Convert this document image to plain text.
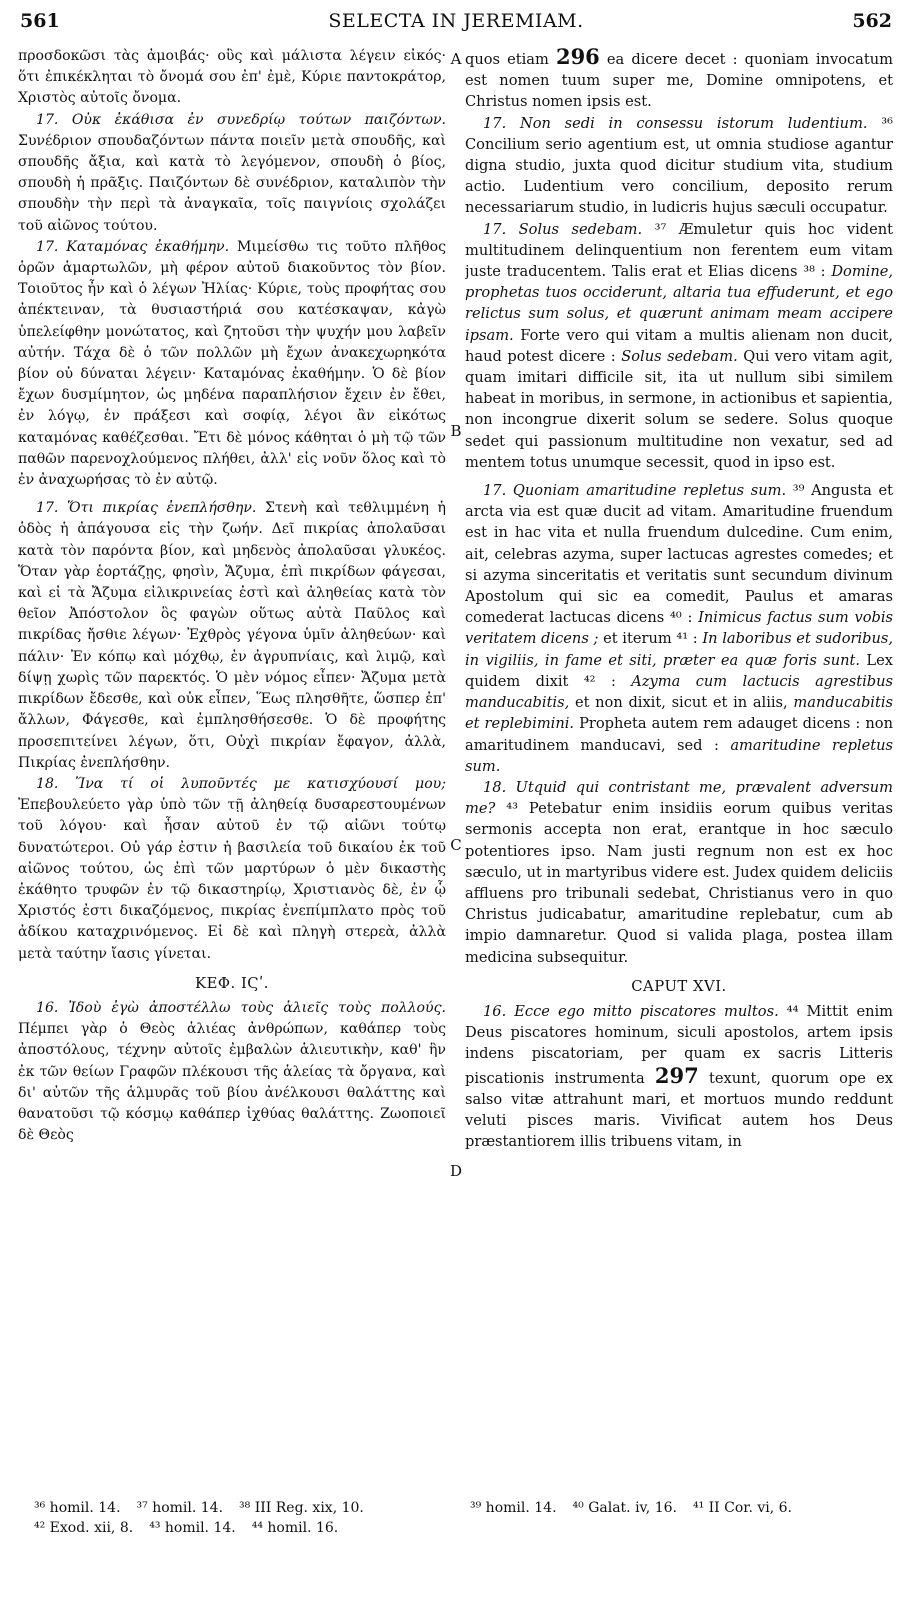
561	SELECTA IN JEREMIAM.	562

προσδοκῶσι τὰς ἀμοιβάς· οὓς καὶ μάλιστα λέγειν εἰκός· ὅτι ἐπικέκληται τὸ ὄνομά σου ἐπ' ἐμὲ, Κύριε παντοκράτορ, Χριστὸς αὐτοῖς ὄνομα.

17. Οὐκ ἐκάθισα ἐν συνεδρίῳ τούτων παιζόντων. Συνέδριον σπουδαζόντων πάντα ποιεῖν μετὰ σπουδῆς, καὶ σπουδῆς ἄξια, καὶ κατὰ τὸ λεγόμενον, σπουδὴ ὁ βίος, σπουδὴ ἡ πρᾶξις. Παιζόντων δὲ συνέδριον, καταλιπὸν τὴν σπουδὴν τὴν περὶ τὰ ἀναγκαῖα, τοῖς παιγνίοις σχολάζει τοῦ αἰῶνος τούτου.

17. Καταμόνας ἐκαθήμην. Μιμείσθω τις τοῦτο πλῆθος ὁρῶν ἁμαρτωλῶν, μὴ φέρον αὐτοῦ διακοῦντος τὸν βίον. Τοιοῦτος ἦν καὶ ὁ λέγων Ἠλίας· Κύριε, τοὺς προφήτας σου ἀπέκτειναν, τὰ θυσιαστήριά σου κατέσκαψαν, κἀγὼ ὑπελείφθην μονώτατος, καὶ ζητοῦσι τὴν ψυχήν μου λαβεῖν αὐτήν. Τάχα δὲ ὁ τῶν πολλῶν μὴ ἔχων ἀνακεχωρηκότα βίον οὐ δύναται λέγειν· Καταμόνας ἐκαθήμην. Ὁ δὲ βίον ἔχων δυσμίμητον, ὡς μηδένα παραπλήσιον ἔχειν ἐν ἔθει, ἐν λόγῳ, ἐν πράξεσι καὶ σοφίᾳ, λέγοι ἂν εἰκότως καταμόνας καθέζεσθαι. Ἔτι δὲ μόνος κάθηται ὁ μὴ τῷ τῶν παθῶν παρενοχλούμενος πλήθει, ἀλλ' εἰς νοῦν ὅλος καὶ τὸ ἐν ἀναχωρήσας τὸ ἐν αὐτῷ.

17. Ὅτι πικρίας ἐνεπλήσθην. Στενὴ καὶ τεθλιμμένη ἡ ὁδὸς ἡ ἀπάγουσα εἰς τὴν ζωήν. Δεῖ πικρίας ἀπολαῦσαι κατὰ τὸν παρόντα βίον, καὶ μηδενὸς ἀπολαῦσαι γλυκέος. Ὅταν γὰρ ἑορτάζῃς, φησὶν, Ἄζυμα, ἐπὶ πικρίδων φάγεσαι, καὶ εἰ τὰ Ἄζυμα εἰλικρινείας ἐστὶ καὶ ἀληθείας κατὰ τὸν θεῖον Ἀπόστολον ὃς φαγὼν οὕτως αὐτὰ Παῦλος καὶ πικρίδας ἤσθιε λέγων· Ἐχθρὸς γέγονα ὑμῖν ἀληθεύων· καὶ πάλιν· Ἐν κόπῳ καὶ μόχθῳ, ἐν ἀγρυπνίαις, καὶ λιμῷ, καὶ δίψῃ χωρὶς τῶν παρεκτός. Ὁ μὲν νόμος εἶπεν· Ἄζυμα μετὰ πικρίδων ἔδεσθε, καὶ οὐκ εἶπεν, Ἕως πλησθῆτε, ὥσπερ ἐπ' ἄλλων, Φάγεσθε, καὶ ἐμπλησθήσεσθε. Ὁ δὲ προφήτης προσεπιτείνει λέγων, ὅτι, Οὐχὶ πικρίαν ἔφαγον, ἀλλὰ, Πικρίας ἐνεπλήσθην.

18. Ἵνα τί οἱ λυποῦντές με κατισχύουσί μου; Ἐπεβουλεύετο γὰρ ὑπὸ τῶν τῇ ἀληθείᾳ δυσαρεστουμένων τοῦ λόγου· καὶ ἦσαν αὐτοῦ ἐν τῷ αἰῶνι τούτῳ δυνατώτεροι. Οὐ γάρ ἐστιν ἡ βασιλεία τοῦ δικαίου ἐκ τοῦ αἰῶνος τούτου, ὡς ἐπὶ τῶν μαρτύρων ὁ μὲν δικαστὴς ἐκάθητο τρυφῶν ἐν τῷ δικαστηρίῳ, Χριστιανὸς δὲ, ἐν ᾧ Χριστός ἐστι δικαζόμενος, πικρίας ἐνεπίμπλατο πρὸς τοῦ ἀδίκου καταχρινόμενος. Εἰ δὲ καὶ πληγὴ στερεὰ, ἀλλὰ μετὰ ταύτην ἴασις γίνεται.

ΚΕΦ. ΙϚʹ.

16. Ἰδοὺ ἐγὼ ἀποστέλλω τοὺς ἁλιεῖς τοὺς πολλούς. Πέμπει γὰρ ὁ Θεὸς ἁλιέας ἀνθρώπων, καθάπερ τοὺς ἀποστόλους, τέχνην αὐτοῖς ἐμβαλὼν ἁλιευτικὴν, καθ' ἣν ἐκ τῶν θείων Γραφῶν πλέκουσι τῆς ἁλείας τὰ ὄργανα, καὶ δι' αὐτῶν τῆς ἁλμυρᾶς τοῦ βίου ἀνέλκουσι θαλάττης καὶ θανατοῦσι τῷ κόσμῳ καθάπερ ἰχθύας θαλάττης. Ζωοποιεῖ δὲ Θεὸς

A
B
C
D

quos etiam 296 ea dicere decet : quoniam invocatum est nomen tuum super me, Domine omnipotens, et Christus nomen ipsis est.

17. Non sedi in consessu istorum ludentium. ³⁶ Concilium serio agentium est, ut omnia studiose agantur digna studio, juxta quod dicitur studium vita, studium actio. Ludentium vero concilium, deposito rerum necessariarum studio, in ludicris hujus sæculi occupatur.

17. Solus sedebam. ³⁷ Æmuletur quis hoc vident multitudinem delinquentium non ferentem eum vitam juste traducentem. Talis erat et Elias dicens ³⁸ : Domine, prophetas tuos occiderunt, altaria tua effuderunt, et ego relictus sum solus, et quærunt animam meam accipere ipsam. Forte vero qui vitam a multis alienam non ducit, haud potest dicere : Solus sedebam. Qui vero vitam agit, quam imitari difficile sit, ita ut nullum sibi similem habeat in moribus, in sermone, in actionibus et sapientia, non incongrue dixerit solum se sedere. Solus quoque sedet qui passionum multitudine non vexatur, sed ad mentem totus unumque secessit, quod in ipso est.

17. Quoniam amaritudine repletus sum. ³⁹ Angusta et arcta via est quæ ducit ad vitam. Amaritudine fruendum est in hac vita et nulla fruendum dulcedine. Cum enim, ait, celebras azyma, super lactucas agrestes comedes; et si azyma sinceritatis et veritatis sunt secundum divinum Apostolum qui sic ea comedit, Paulus et amaras comederat lactucas dicens ⁴⁰ : Inimicus factus sum vobis veritatem dicens ; et iterum ⁴¹ : In laboribus et sudoribus, in vigiliis, in fame et siti, præter ea quæ foris sunt. Lex quidem dixit ⁴² : Azyma cum lactucis agrestibus manducabitis, et non dixit, sicut et in aliis, manducabitis et replebimini. Propheta autem rem adauget dicens : non amaritudinem manducavi, sed : amaritudine repletus sum.

18. Utquid qui contristant me, prævalent adversum me? ⁴³ Petebatur enim insidiis eorum quibus veritas sermonis accepta non erat, erantque in hoc sæculo potentiores ipso. Nam justi regnum non est ex hoc sæculo, ut in martyribus videre est. Judex quidem deliciis affluens pro tribunali sedebat, Christianus vero in quo Christus judicabatur, amaritudine replebatur, cum ab impio damnaretur. Quod si valida plaga, postea illam medicina subsequitur.

CAPUT XVI.

16. Ecce ego mitto piscatores multos. ⁴⁴ Mittit enim Deus piscatores hominum, siculi apostolos, artem ipsis indens piscatoriam, per quam ex sacris Litteris piscationis instrumenta 297 texunt, quorum ope ex salso vitæ attrahunt mari, et mortuos mundo reddunt veluti pisces maris. Vivificat autem hos Deus præstantiorem illis tribuens vitam, in

³⁶ homil. 14. ³⁷ homil. 14. ³⁸ III Reg. xix, 10.
⁴² Exod. xii, 8. ⁴³ homil. 14. ⁴⁴ homil. 16.
³⁹ homil. 14. ⁴⁰ Galat. iv, 16. ⁴¹ II Cor. vi, 6.
